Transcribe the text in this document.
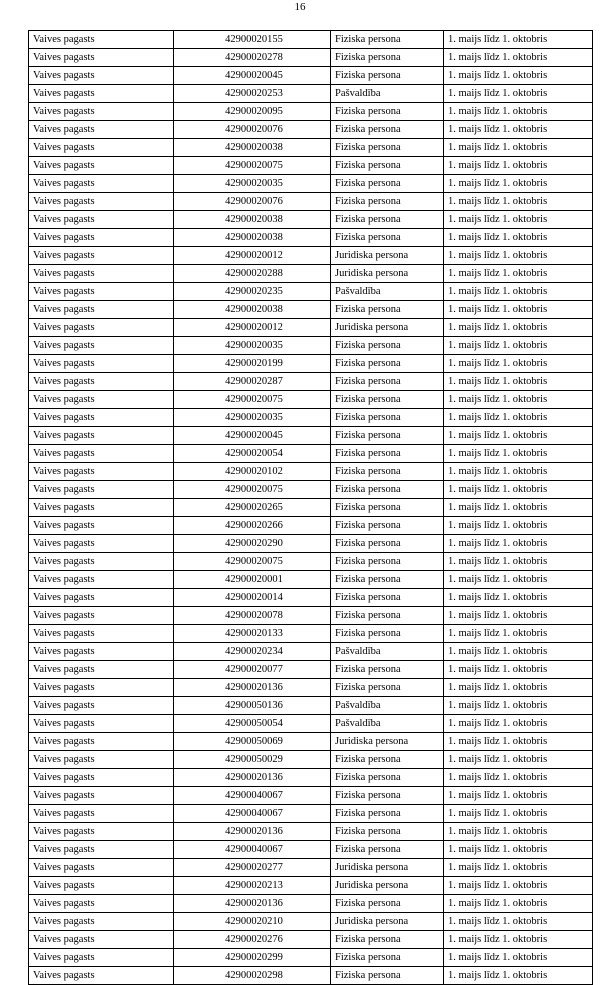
16
Vaives pagasts	42900020155	Fiziska persona	1. maijs līdz 1. oktobris
Vaives pagasts	42900020278	Fiziska persona	1. maijs līdz 1. oktobris
Vaives pagasts	42900020045	Fiziska persona	1. maijs līdz 1. oktobris
Vaives pagasts	42900020253	Pašvaldība	1. maijs līdz 1. oktobris
Vaives pagasts	42900020095	Fiziska persona	1. maijs līdz 1. oktobris
Vaives pagasts	42900020076	Fiziska persona	1. maijs līdz 1. oktobris
Vaives pagasts	42900020038	Fiziska persona	1. maijs līdz 1. oktobris
Vaives pagasts	42900020075	Fiziska persona	1. maijs līdz 1. oktobris
Vaives pagasts	42900020035	Fiziska persona	1. maijs līdz 1. oktobris
Vaives pagasts	42900020076	Fiziska persona	1. maijs līdz 1. oktobris
Vaives pagasts	42900020038	Fiziska persona	1. maijs līdz 1. oktobris
Vaives pagasts	42900020038	Fiziska persona	1. maijs līdz 1. oktobris
Vaives pagasts	42900020012	Juridiska persona	1. maijs līdz 1. oktobris
Vaives pagasts	42900020288	Juridiska persona	1. maijs līdz 1. oktobris
Vaives pagasts	42900020235	Pašvaldība	1. maijs līdz 1. oktobris
Vaives pagasts	42900020038	Fiziska persona	1. maijs līdz 1. oktobris
Vaives pagasts	42900020012	Juridiska persona	1. maijs līdz 1. oktobris
Vaives pagasts	42900020035	Fiziska persona	1. maijs līdz 1. oktobris
Vaives pagasts	42900020199	Fiziska persona	1. maijs līdz 1. oktobris
Vaives pagasts	42900020287	Fiziska persona	1. maijs līdz 1. oktobris
Vaives pagasts	42900020075	Fiziska persona	1. maijs līdz 1. oktobris
Vaives pagasts	42900020035	Fiziska persona	1. maijs līdz 1. oktobris
Vaives pagasts	42900020045	Fiziska persona	1. maijs līdz 1. oktobris
Vaives pagasts	42900020054	Fiziska persona	1. maijs līdz 1. oktobris
Vaives pagasts	42900020102	Fiziska persona	1. maijs līdz 1. oktobris
Vaives pagasts	42900020075	Fiziska persona	1. maijs līdz 1. oktobris
Vaives pagasts	42900020265	Fiziska persona	1. maijs līdz 1. oktobris
Vaives pagasts	42900020266	Fiziska persona	1. maijs līdz 1. oktobris
Vaives pagasts	42900020290	Fiziska persona	1. maijs līdz 1. oktobris
Vaives pagasts	42900020075	Fiziska persona	1. maijs līdz 1. oktobris
Vaives pagasts	42900020001	Fiziska persona	1. maijs līdz 1. oktobris
Vaives pagasts	42900020014	Fiziska persona	1. maijs līdz 1. oktobris
Vaives pagasts	42900020078	Fiziska persona	1. maijs līdz 1. oktobris
Vaives pagasts	42900020133	Fiziska persona	1. maijs līdz 1. oktobris
Vaives pagasts	42900020234	Pašvaldība	1. maijs līdz 1. oktobris
Vaives pagasts	42900020077	Fiziska persona	1. maijs līdz 1. oktobris
Vaives pagasts	42900020136	Fiziska persona	1. maijs līdz 1. oktobris
Vaives pagasts	42900050136	Pašvaldība	1. maijs līdz 1. oktobris
Vaives pagasts	42900050054	Pašvaldība	1. maijs līdz 1. oktobris
Vaives pagasts	42900050069	Juridiska persona	1. maijs līdz 1. oktobris
Vaives pagasts	42900050029	Fiziska persona	1. maijs līdz 1. oktobris
Vaives pagasts	42900020136	Fiziska persona	1. maijs līdz 1. oktobris
Vaives pagasts	42900040067	Fiziska persona	1. maijs līdz 1. oktobris
Vaives pagasts	42900040067	Fiziska persona	1. maijs līdz 1. oktobris
Vaives pagasts	42900020136	Fiziska persona	1. maijs līdz 1. oktobris
Vaives pagasts	42900040067	Fiziska persona	1. maijs līdz 1. oktobris
Vaives pagasts	42900020277	Juridiska persona	1. maijs līdz 1. oktobris
Vaives pagasts	42900020213	Juridiska persona	1. maijs līdz 1. oktobris
Vaives pagasts	42900020136	Fiziska persona	1. maijs līdz 1. oktobris
Vaives pagasts	42900020210	Juridiska persona	1. maijs līdz 1. oktobris
Vaives pagasts	42900020276	Fiziska persona	1. maijs līdz 1. oktobris
Vaives pagasts	42900020299	Fiziska persona	1. maijs līdz 1. oktobris
Vaives pagasts	42900020298	Fiziska persona	1. maijs līdz 1. oktobris
